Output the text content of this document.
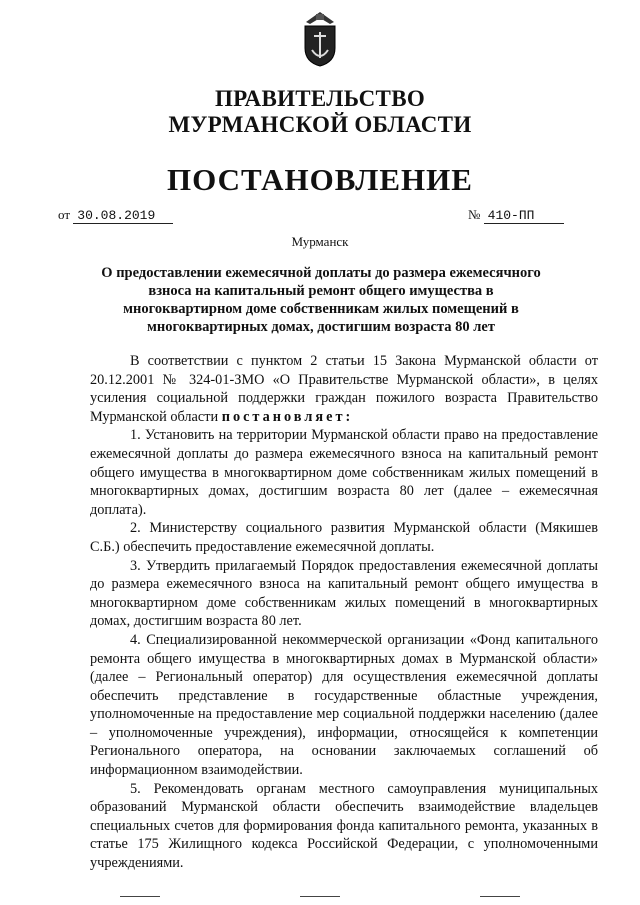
ПРАВИТЕЛЬСТВО
МУРМАНСКОЙ ОБЛАСТИ
ПОСТАНОВЛЕНИЕ
от 30.08.2019	№ 410-ПП
Мурманск
О предоставлении ежемесячной доплаты до размера ежемесячного взноса на капитальный ремонт общего имущества в многоквартирном доме собственникам жилых помещений в многоквартирных домах, достигшим возраста 80 лет

В соответствии с пунктом 2 статьи 15 Закона Мурманской области от 20.12.2001 № 324-01-ЗМО «О Правительстве Мурманской области», в целях усиления социальной поддержки граждан пожилого возраста Правительство Мурманской области постановляет:

1. Установить на территории Мурманской области право на предоставление ежемесячной доплаты до размера ежемесячного взноса на капитальный ремонт общего имущества в многоквартирном доме собственникам жилых помещений в многоквартирных домах, достигшим возраста 80 лет (далее – ежемесячная доплата).

2. Министерству социального развития Мурманской области (Мякишев С.Б.) обеспечить предоставление ежемесячной доплаты.

3. Утвердить прилагаемый Порядок предоставления ежемесячной доплаты до размера ежемесячного взноса на капитальный ремонт общего имущества в многоквартирном доме собственникам жилых помещений в многоквартирных домах, достигшим возраста 80 лет.

4. Специализированной некоммерческой организации «Фонд капитального ремонта общего имущества в многоквартирных домах в Мурманской области» (далее – Региональный оператор) для осуществления ежемесячной доплаты обеспечить представление в государственные областные учреждения, уполномоченные на предоставление мер социальной поддержки населению (далее – уполномоченные учреждения), информации, относящейся к компетенции Регионального оператора, на основании заключаемых соглашений об информационном взаимодействии.

5. Рекомендовать органам местного самоуправления муниципальных образований Мурманской области обеспечить взаимодействие владельцев специальных счетов для формирования фонда капитального ремонта, указанных в статье 175 Жилищного кодекса Российской Федерации, с уполномоченными учреждениями.
